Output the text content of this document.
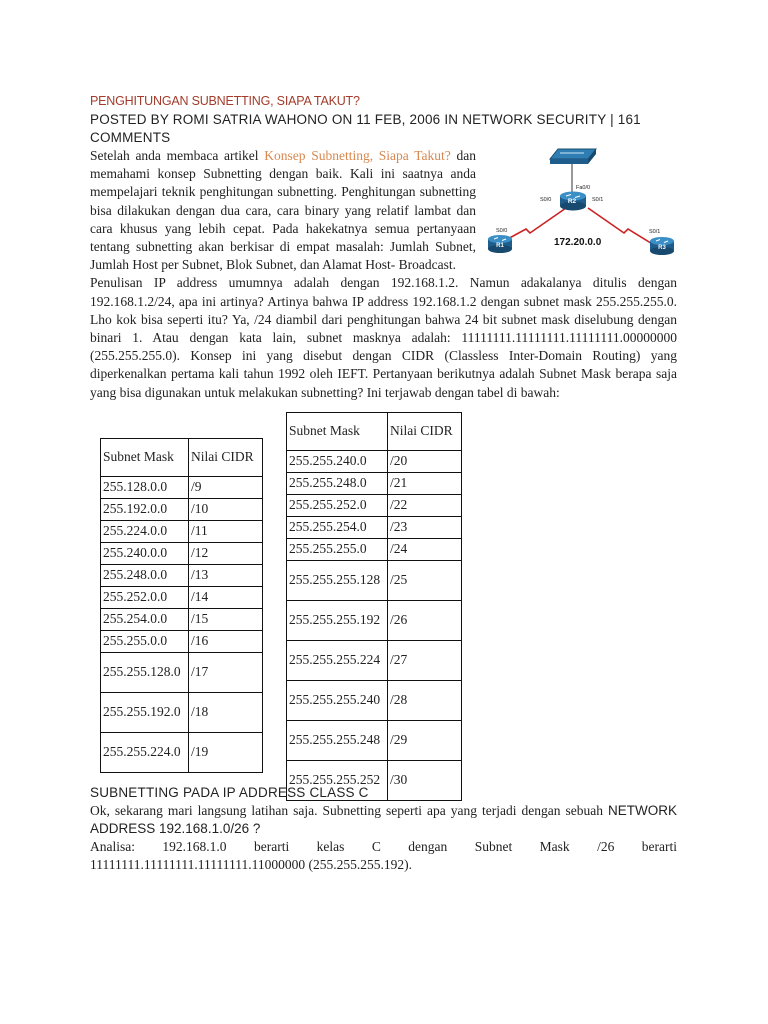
PENGHITUNGAN SUBNETTING, SIAPA TAKUT?
POSTED BY ROMI SATRIA WAHONO ON 11 FEB, 2006 IN NETWORK SECURITY | 161 COMMENTS

Setelah anda membaca artikel Konsep Subnetting, Siapa Takut? dan memahami konsep Subnetting dengan baik. Kali ini saatnya anda mempelajari teknik penghitungan subnetting. Penghitungan subnetting bisa dilakukan dengan dua cara, cara binary yang relatif lambat dan cara khusus yang lebih cepat. Pada hakekatnya semua pertanyaan tentang subnetting akan berkisar di empat masalah: Jumlah Subnet, Jumlah Host per Subnet, Blok Subnet, dan Alamat Host- Broadcast.

R2
R1	R3
Fa0/0
S0/0	S0/1
S0/0	S0/1
172.20.0.0

Penulisan IP address umumnya adalah dengan 192.168.1.2. Namun adakalanya ditulis dengan 192.168.1.2/24, apa ini artinya? Artinya bahwa IP address 192.168.1.2 dengan subnet mask 255.255.255.0. Lho kok bisa seperti itu? Ya, /24 diambil dari penghitungan bahwa 24 bit subnet mask diselubung dengan binari 1. Atau dengan kata lain, subnet masknya adalah: 11111111.11111111.11111111.00000000 (255.255.255.0). Konsep ini yang disebut dengan CIDR (Classless Inter-Domain Routing) yang diperkenalkan pertama kali tahun 1992 oleh IEFT. Pertanyaan berikutnya adalah Subnet Mask berapa saja yang bisa digunakan untuk melakukan subnetting? Ini terjawab dengan tabel di bawah:

Subnet Mask	Nilai CIDR
255.128.0.0	/9
255.192.0.0	/10
255.224.0.0	/11
255.240.0.0	/12
255.248.0.0	/13
255.252.0.0	/14
255.254.0.0	/15
255.255.0.0	/16
255.255.128.0	/17
255.255.192.0	/18
255.255.224.0	/19
Subnet Mask	Nilai CIDR
255.255.240.0	/20
255.255.248.0	/21
255.255.252.0	/22
255.255.254.0	/23
255.255.255.0	/24
255.255.255.128	/25
255.255.255.192	/26
255.255.255.224	/27
255.255.255.240	/28
255.255.255.248	/29
255.255.255.252	/30
SUBNETTING PADA IP ADDRESS CLASS C

Ok, sekarang mari langsung latihan saja. Subnetting seperti apa yang terjadi dengan sebuah NETWORK ADDRESS 192.168.1.0/26 ?

Analisa: 192.168.1.0 berarti kelas C dengan Subnet Mask /26 berarti 11111111.11111111.11111111.11000000 (255.255.255.192).
